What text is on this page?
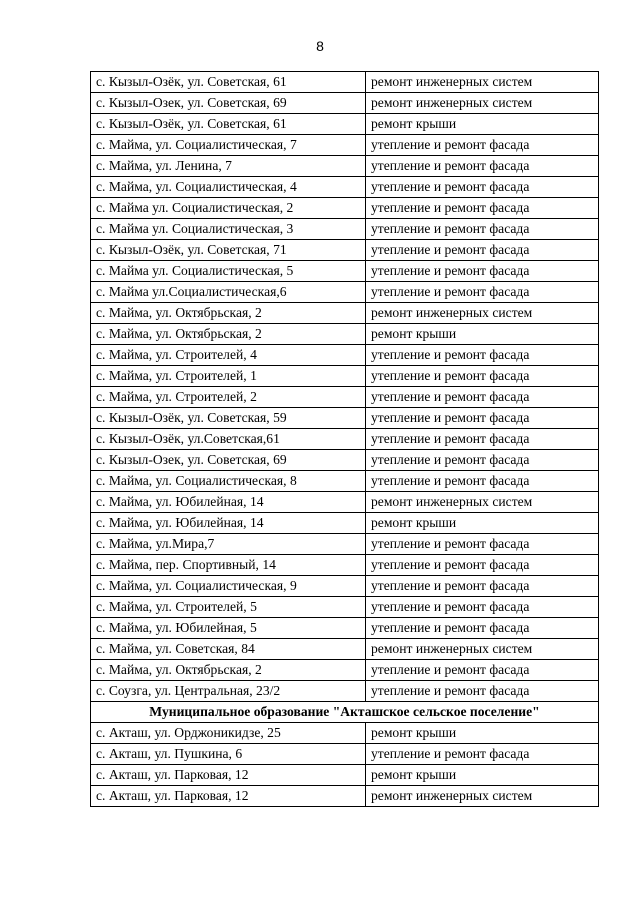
8
с. Кызыл-Озёк, ул. Советская, 61	ремонт инженерных систем
с. Кызыл-Озек, ул. Советская, 69	ремонт инженерных систем
с. Кызыл-Озёк, ул. Советская, 61	ремонт крыши
с. Майма, ул. Социалистическая, 7	утепление и ремонт фасада
с. Майма, ул. Ленина, 7	утепление и ремонт фасада
с. Майма, ул. Социалистическая, 4	утепление и ремонт фасада
с. Майма ул. Социалистическая, 2	утепление и ремонт фасада
с. Майма ул. Социалистическая, 3	утепление и ремонт фасада
с. Кызыл-Озёк, ул. Советская, 71	утепление и ремонт фасада
с. Майма ул. Социалистическая, 5	утепление и ремонт фасада
с. Майма ул.Социалистическая,6	утепление и ремонт фасада
с. Майма, ул. Октябрьская, 2	ремонт инженерных систем
с. Майма, ул. Октябрьская, 2	ремонт крыши
с. Майма, ул. Строителей, 4	утепление и ремонт фасада
с. Майма, ул. Строителей, 1	утепление и ремонт фасада
с. Майма, ул. Строителей, 2	утепление и ремонт фасада
с. Кызыл-Озёк, ул. Советская, 59	утепление и ремонт фасада
с. Кызыл-Озёк, ул.Советская,61	утепление и ремонт фасада
с. Кызыл-Озек, ул. Советская, 69	утепление и ремонт фасада
с. Майма, ул. Социалистическая, 8	утепление и ремонт фасада
с. Майма, ул. Юбилейная, 14	ремонт инженерных систем
с. Майма, ул. Юбилейная, 14	ремонт крыши
с. Майма, ул.Мира,7	утепление и ремонт фасада
с. Майма, пер. Спортивный, 14	утепление и ремонт фасада
с. Майма, ул. Социалистическая, 9	утепление и ремонт фасада
с. Майма, ул. Строителей, 5	утепление и ремонт фасада
с. Майма, ул. Юбилейная, 5	утепление и ремонт фасада
с. Майма, ул. Советская, 84	ремонт инженерных систем
с. Майма, ул. Октябрьская, 2	утепление и ремонт фасада
с. Соузга, ул. Центральная, 23/2	утепление и ремонт фасада
Муниципальное образование "Акташское сельское поселение"	
с. Акташ, ул. Орджоникидзе, 25	ремонт крыши
с. Акташ, ул. Пушкина, 6	утепление и ремонт фасада
с. Акташ, ул. Парковая, 12	ремонт крыши
с. Акташ, ул. Парковая, 12	ремонт инженерных систем
